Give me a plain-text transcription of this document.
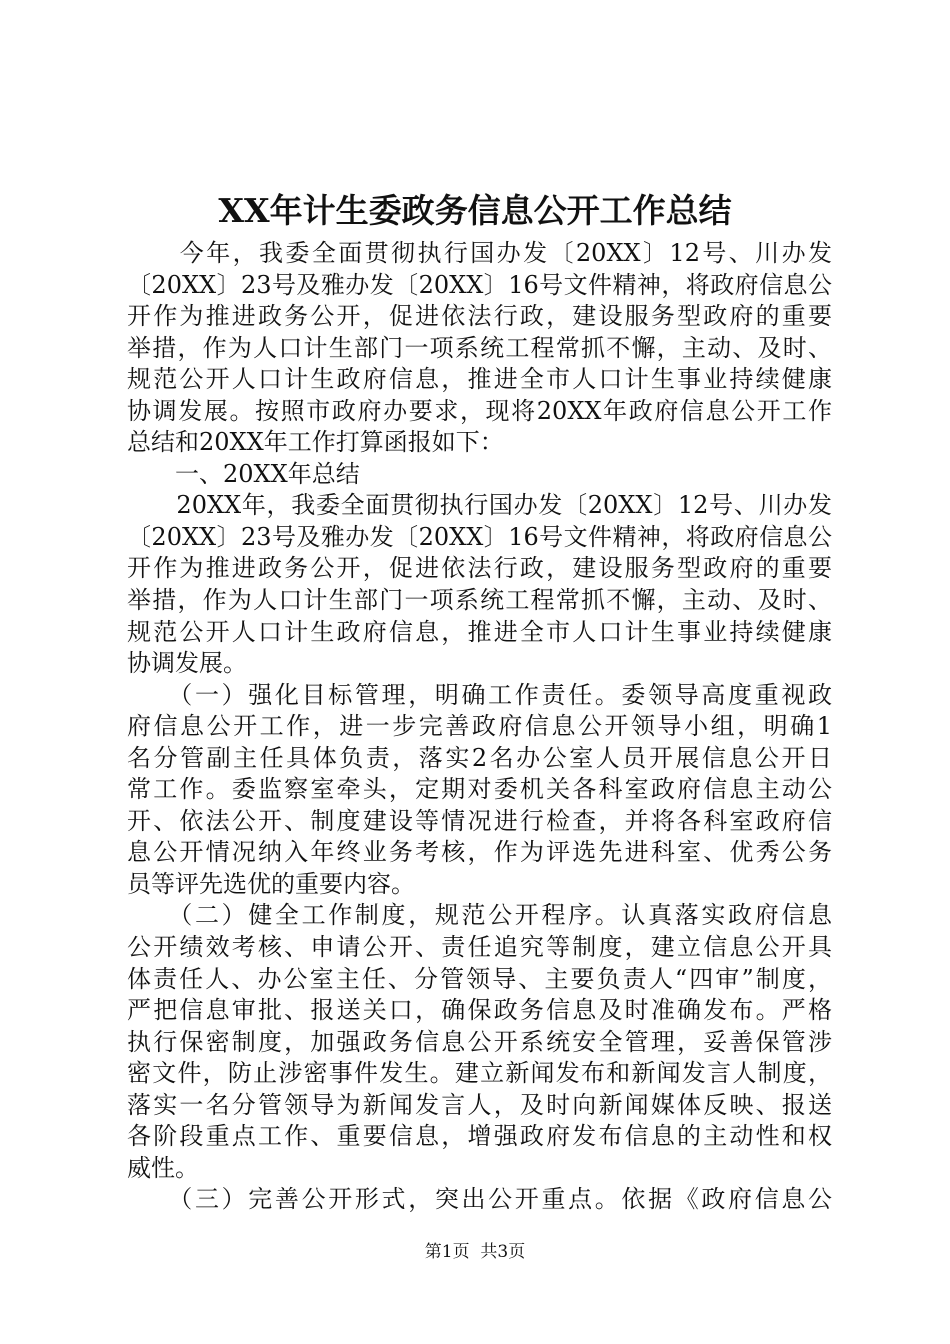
XX年计生委政务信息公开工作总结
　　今年，我委全面贯彻执行国办发〔20XX〕12号、川办发
〔20XX〕23号及雅办发〔20XX〕16号文件精神，将政府信息公
开作为推进政务公开，促进依法行政，建设服务型政府的重要
举措，作为人口计生部门一项系统工程常抓不懈，主动、及时、
规范公开人口计生政府信息，推进全市人口计生事业持续健康
协调发展。按照市政府办要求，现将20XX年政府信息公开工作
总结和20XX年工作打算函报如下：
　　一、20XX年总结
　　20XX年，我委全面贯彻执行国办发〔20XX〕12号、川办发
〔20XX〕23号及雅办发〔20XX〕16号文件精神，将政府信息公
开作为推进政务公开，促进依法行政，建设服务型政府的重要
举措，作为人口计生部门一项系统工程常抓不懈，主动、及时、
规范公开人口计生政府信息，推进全市人口计生事业持续健康
协调发展。
　　（一）强化目标管理，明确工作责任。委领导高度重视政
府信息公开工作，进一步完善政府信息公开领导小组，明确1
名分管副主任具体负责，落实2名办公室人员开展信息公开日
常工作。委监察室牵头，定期对委机关各科室政府信息主动公
开、依法公开、制度建设等情况进行检查，并将各科室政府信
息公开情况纳入年终业务考核，作为评选先进科室、优秀公务
员等评先选优的重要内容。
　　（二）健全工作制度，规范公开程序。认真落实政府信息
公开绩效考核、申请公开、责任追究等制度，建立信息公开具
体责任人、办公室主任、分管领导、主要负责人“四审”制度，
严把信息审批、报送关口，确保政务信息及时准确发布。严格
执行保密制度，加强政务信息公开系统安全管理，妥善保管涉
密文件，防止涉密事件发生。建立新闻发布和新闻发言人制度，
落实一名分管领导为新闻发言人，及时向新闻媒体反映、报送
各阶段重点工作、重要信息，增强政府发布信息的主动性和权
威性。
　　（三）完善公开形式，突出公开重点。依据《政府信息公
第1页  共3页
